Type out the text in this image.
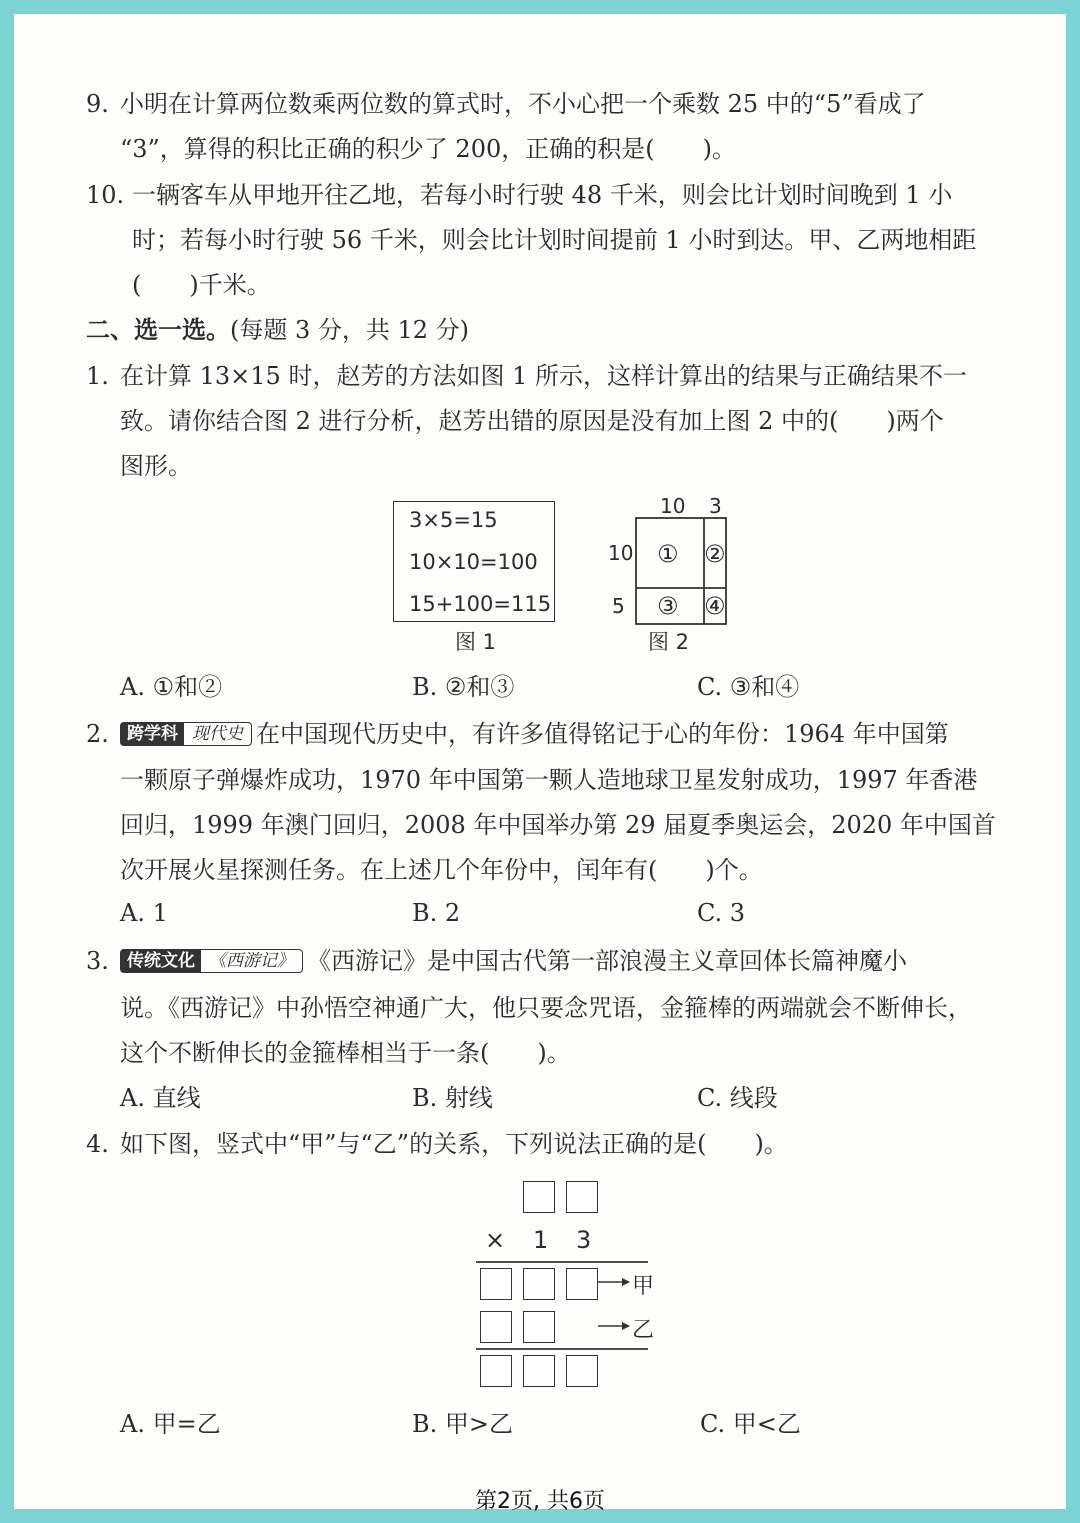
9. 小明在计算两位数乘两位数的算式时，不小心把一个乘数 25 中的“5”看成了
“3”，算得的积比正确的积少了 200，正确的积是(　　)。
10. 一辆客车从甲地开往乙地，若每小时行驶 48 千米，则会比计划时间晚到 1 小
时；若每小时行驶 56 千米，则会比计划时间提前 1 小时到达。甲、乙两地相距
(　　)千米。
二、选一选。(每题 3 分，共 12 分)
1. 在计算 13×15 时，赵芳的方法如图 1 所示，这样计算出的结果与正确结果不一
致。请你结合图 2 进行分析，赵芳出错的原因是没有加上图 2 中的(　　)两个
图形。
3×5=15
10×10=100
15+100=115
图 1
10 3
10
5
① ②
③ ④
图 2
A. ①和②	B. ②和③	C. ③和④
2.	跨学科 现代史 在中国现代历史中，有许多值得铭记于心的年份：1964 年中国第
一颗原子弹爆炸成功，1970 年中国第一颗人造地球卫星发射成功，1997 年香港
回归，1999 年澳门回归，2008 年中国举办第 29 届夏季奥运会，2020 年中国首
次开展火星探测任务。在上述几个年份中，闰年有(　　)个。
A. 1	B. 2	C. 3
3.	传统文化 《西游记》 《西游记》是中国古代第一部浪漫主义章回体长篇神魔小
说。《西游记》中孙悟空神通广大，他只要念咒语，金箍棒的两端就会不断伸长，
这个不断伸长的金箍棒相当于一条(　　)。
A. 直线	B. 射线	C. 线段
4. 如下图，竖式中“甲”与“乙”的关系，下列说法正确的是(　　)。
× 1 3
甲
乙
A. 甲=乙	B. 甲>乙	C. 甲<乙
第2页, 共6页
